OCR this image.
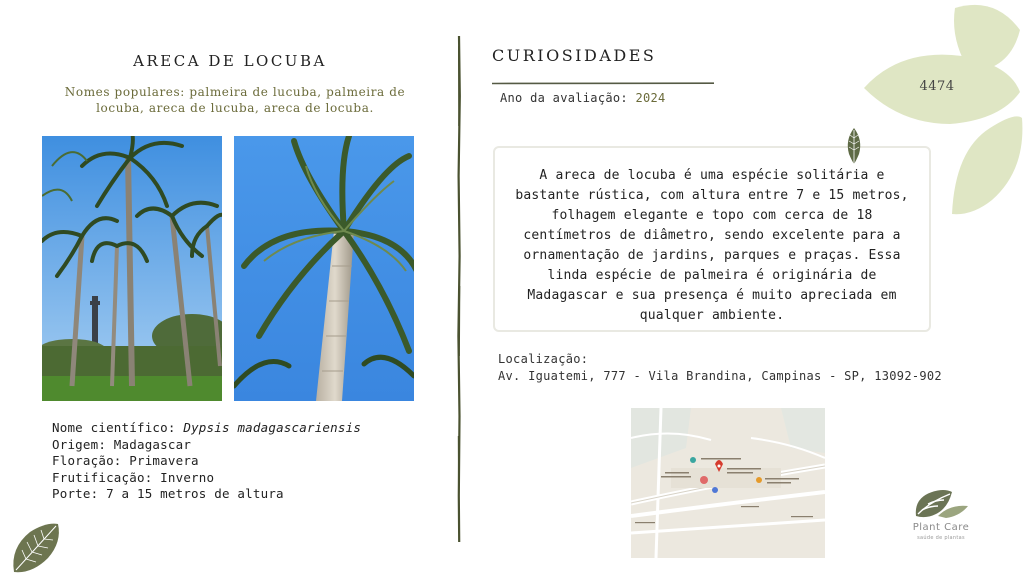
ARECA DE LOCUBA
Nomes populares: palmeira de lucuba, palmeira de locuba, areca de lucuba, areca de locuba.
Nome científico: Dypsis madagascariensis
Origem: Madagascar
Floração: Primavera
Frutificação: Inverno
Porte: 7 a 15 metros de altura
CURIOSIDADES
Ano da avaliação: 2024
A areca de locuba é uma espécie solitária e bastante rústica, com altura entre 7 e 15 metros, folhagem elegante e topo com cerca de 18 centímetros de diâmetro, sendo excelente para a ornamentação de jardins, parques e praças. Essa linda espécie de palmeira é originária de Madagascar e sua presença é muito apreciada em qualquer ambiente.
Localização:
Av. Iguatemi, 777 - Vila Brandina, Campinas - SP, 13092-902
4474
Plant Care
saúde de plantas
